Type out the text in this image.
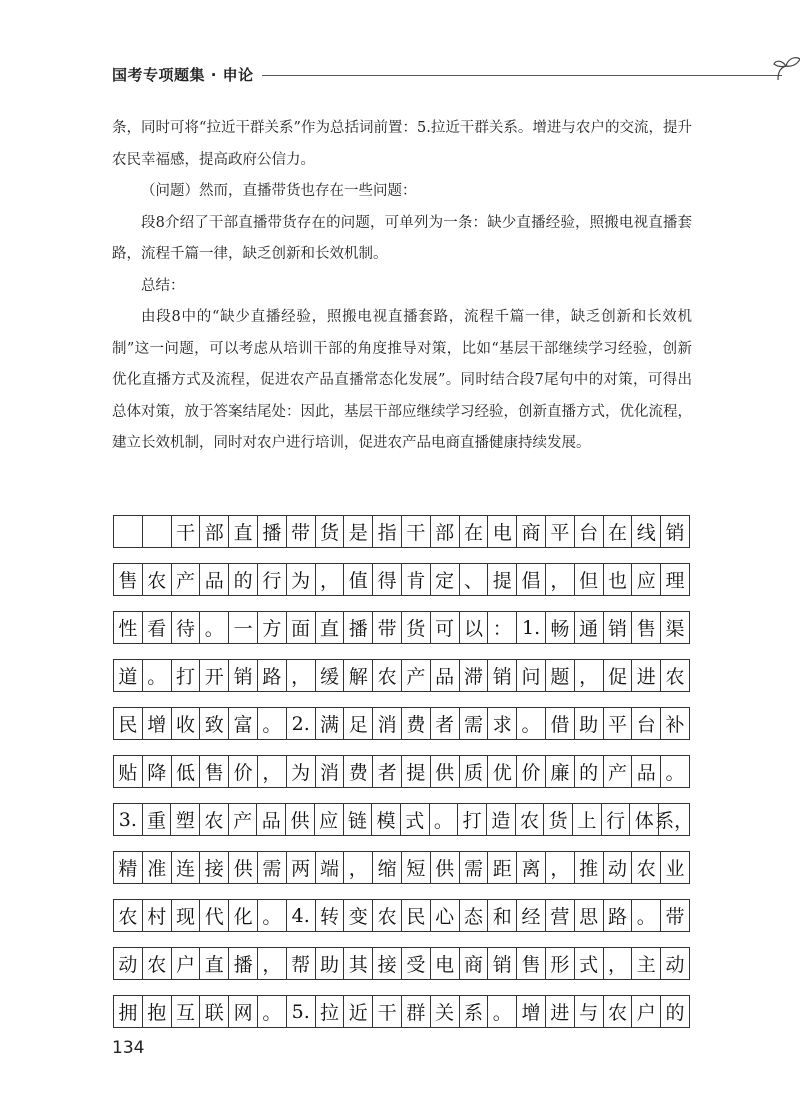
国考专项题集 · 申论

条，同时可将“拉近干群关系”作为总括词前置：5.拉近干群关系。增进与农户的交流，提升农民幸福感，提高政府公信力。

（问题）然而，直播带货也存在一些问题：

段8介绍了干部直播带货存在的问题，可单列为一条：缺少直播经验，照搬电视直播套路，流程千篇一律，缺乏创新和长效机制。

总结：

由段8中的“缺少直播经验，照搬电视直播套路，流程千篇一律，缺乏创新和长效机制”这一问题，可以考虑从培训干部的角度推导对策，比如“基层干部继续学习经验，创新优化直播方式及流程，促进农产品直播常态化发展”。同时结合段7尾句中的对策，可得出总体对策，放于答案结尾处：因此，基层干部应继续学习经验，创新直播方式，优化流程，建立长效机制，同时对农户进行培训，促进农产品电商直播健康持续发展。

干 部 直 播 带 货 是 指 干 部 在 电 商 平 台 在 线 销
售 农 产 品 的 行 为 ， 值 得 肯 定 、 提 倡 ， 但 也 应 理
性 看 待 。 一 方 面 直 播 带 货 可 以 ： 1. 畅 通 销 售 渠
道 。 打 开 销 路 ， 缓 解 农 产 品 滞 销 问 题 ， 促 进 农
民 增 收 致 富 。 2. 满 足 消 费 者 需 求 。 借 助 平 台 补
贴 降 低 售 价 ， 为 消 费 者 提 供 质 优 价 廉 的 产 品 。
3. 重 塑 农 产 品 供 应 链 模 式 。 打 造 农 货 上 行 体 系，
精 准 连 接 供 需 两 端 ， 缩 短 供 需 距 离 ， 推 动 农 业
农 村 现 代 化 。 4. 转 变 农 民 心 态 和 经 营 思 路 。 带
动 农 户 直 播 ， 帮 助 其 接 受 电 商 销 售 形 式 ， 主 动
拥 抱 互 联 网 。 5. 拉 近 干 群 关 系 。 增 进 与 农 户 的
134
